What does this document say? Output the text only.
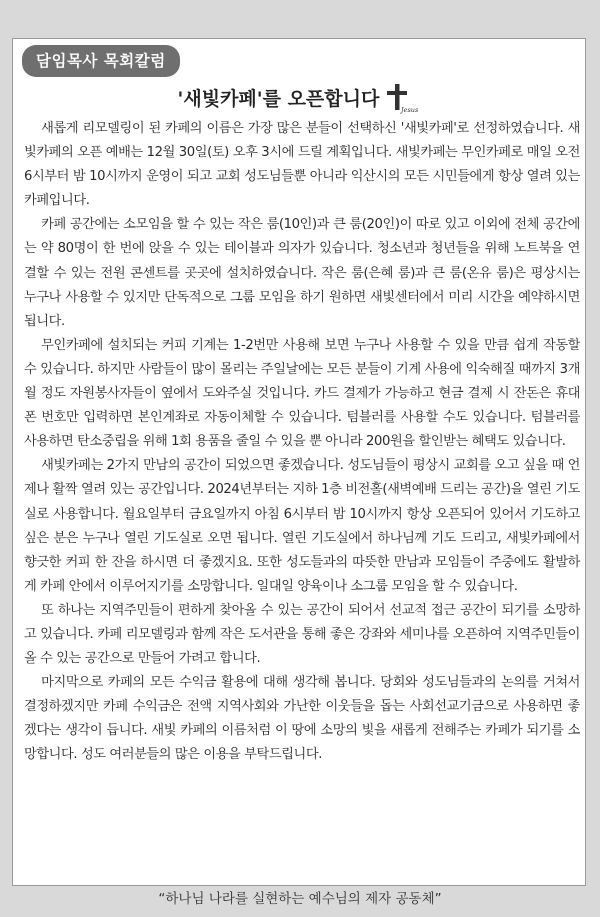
담임목사 목회칼럼
'새빛카페'를 오픈합니다	Jesus

새롭게 리모델링이 된 카페의 이름은 가장 많은 분들이 선택하신 '새빛카페'로 선정하였습니다. 새빛카페의 오픈 예배는 12월 30일(토) 오후 3시에 드릴 계획입니다. 새빛카페는 무인카페로 매일 오전 6시부터 밤 10시까지 운영이 되고 교회 성도님들뿐 아니라 익산시의 모든 시민들에게 항상 열려 있는 카페입니다.

카페 공간에는 소모임을 할 수 있는 작은 룸(10인)과 큰 룸(20인)이 따로 있고 이외에 전체 공간에는 약 80명이 한 번에 앉을 수 있는 테이블과 의자가 있습니다. 청소년과 청년들을 위해 노트북을 연결할 수 있는 전원 콘센트를 곳곳에 설치하였습니다. 작은 룸(은혜 룸)과 큰 룸(온유 룸)은 평상시는 누구나 사용할 수 있지만 단독적으로 그룹 모임을 하기 원하면 새빛센터에서 미리 시간을 예약하시면 됩니다.

무인카페에 설치되는 커피 기계는 1-2번만 사용해 보면 누구나 사용할 수 있을 만큼 쉽게 작동할 수 있습니다. 하지만 사람들이 많이 몰리는 주일날에는 모든 분들이 기계 사용에 익숙해질 때까지 3개월 정도 자원봉사자들이 옆에서 도와주실 것입니다. 카드 결제가 가능하고 현금 결제 시 잔돈은 휴대폰 번호만 입력하면 본인계좌로 자동이체할 수 있습니다. 텀블러를 사용할 수도 있습니다. 텀블러를 사용하면 탄소중립을 위해 1회 용품을 줄일 수 있을 뿐 아니라 200원을 할인받는 혜택도 있습니다.

새빛카페는 2가지 만남의 공간이 되었으면 좋겠습니다. 성도님들이 평상시 교회를 오고 싶을 때 언제나 활짝 열려 있는 공간입니다. 2024년부터는 지하 1층 비전홀(새벽예배 드리는 공간)을 열린 기도실로 사용합니다. 월요일부터 금요일까지 아침 6시부터 밤 10시까지 항상 오픈되어 있어서 기도하고 싶은 분은 누구나 열린 기도실로 오면 됩니다. 열린 기도실에서 하나님께 기도 드리고, 새빛카페에서 향긋한 커피 한 잔을 하시면 더 좋겠지요. 또한 성도들과의 따뜻한 만남과 모임들이 주중에도 활발하게 카페 안에서 이루어지기를 소망합니다. 일대일 양육이나 소그룹 모임을 할 수 있습니다.

또 하나는 지역주민들이 편하게 찾아올 수 있는 공간이 되어서 선교적 접근 공간이 되기를 소망하고 있습니다. 카페 리모델링과 함께 작은 도서관을 통해 좋은 강좌와 세미나를 오픈하여 지역주민들이 올 수 있는 공간으로 만들어 가려고 합니다.

마지막으로 카페의 모든 수익금 활용에 대해 생각해 봅니다. 당회와 성도님들과의 논의를 거쳐서 결정하겠지만 카페 수익금은 전액 지역사회와 가난한 이웃들을 돕는 사회선교기금으로 사용하면 좋겠다는 생각이 듭니다. 새빛 카페의 이름처럼 이 땅에 소망의 빛을 새롭게 전해주는 카페가 되기를 소망합니다. 성도 여러분들의 많은 이용을 부탁드립니다.

“하나님 나라를 실현하는 예수님의 제자 공동체”
